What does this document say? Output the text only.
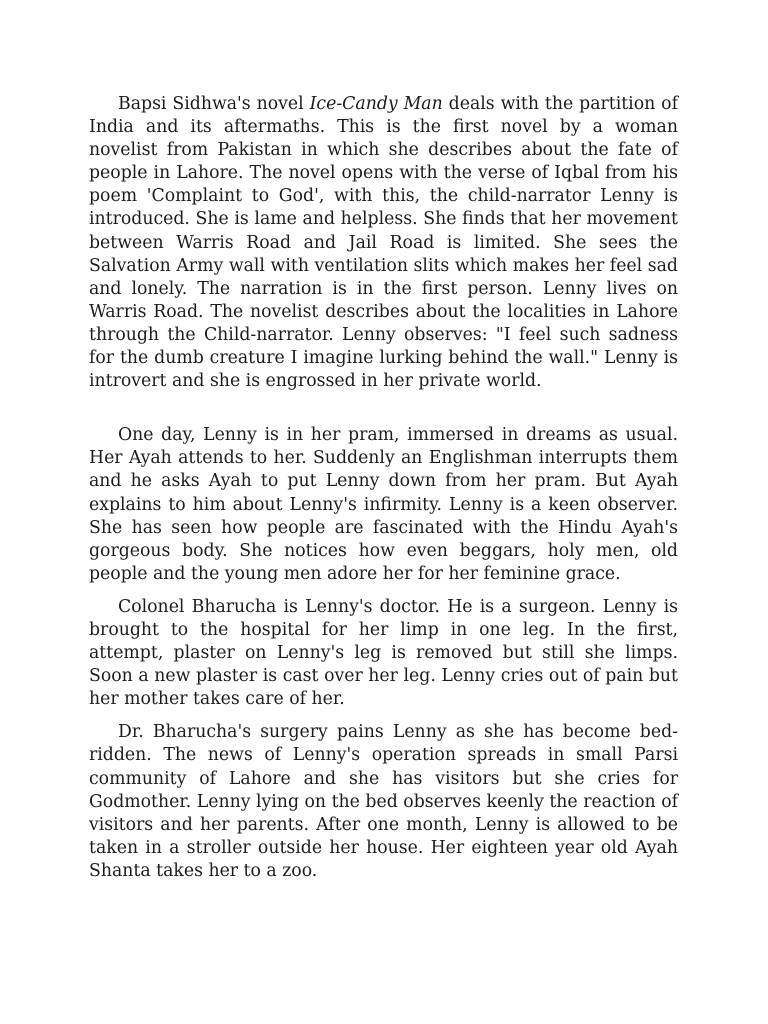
Bapsi Sidhwa's novel Ice-Candy Man deals with the partition of India and its aftermaths. This is the first novel by a woman novelist from Pakistan in which she describes about the fate of people in Lahore. The novel opens with the verse of Iqbal from his poem 'Complaint to God', with this, the child-narrator Lenny is introduced. She is lame and helpless. She finds that her movement between Warris Road and Jail Road is limited. She sees the Salvation Army wall with ventilation slits which makes her feel sad and lonely. The narration is in the first person. Lenny lives on Warris Road. The novelist describes about the localities in Lahore through the Child-narrator. Lenny observes: "I feel such sadness for the dumb creature I imagine lurking behind the wall." Lenny is introvert and she is engrossed in her private world.

One day, Lenny is in her pram, immersed in dreams as usual. Her Ayah attends to her. Suddenly an Englishman interrupts them and he asks Ayah to put Lenny down from her pram. But Ayah explains to him about Lenny's infirmity. Lenny is a keen observer. She has seen how people are fascinated with the Hindu Ayah's gorgeous body. She notices how even beggars, holy men, old people and the young men adore her for her feminine grace.

Colonel Bharucha is Lenny's doctor. He is a surgeon. Lenny is brought to the hospital for her limp in one leg. In the first, attempt, plaster on Lenny's leg is removed but still she limps. Soon a new plaster is cast over her leg. Lenny cries out of pain but her mother takes care of her.

Dr. Bharucha's surgery pains Lenny as she has become bed-ridden. The news of Lenny's operation spreads in small Parsi community of Lahore and she has visitors but she cries for Godmother. Lenny lying on the bed observes keenly the reaction of visitors and her parents. After one month, Lenny is allowed to be taken in a stroller outside her house. Her eighteen year old Ayah Shanta takes her to a zoo.
